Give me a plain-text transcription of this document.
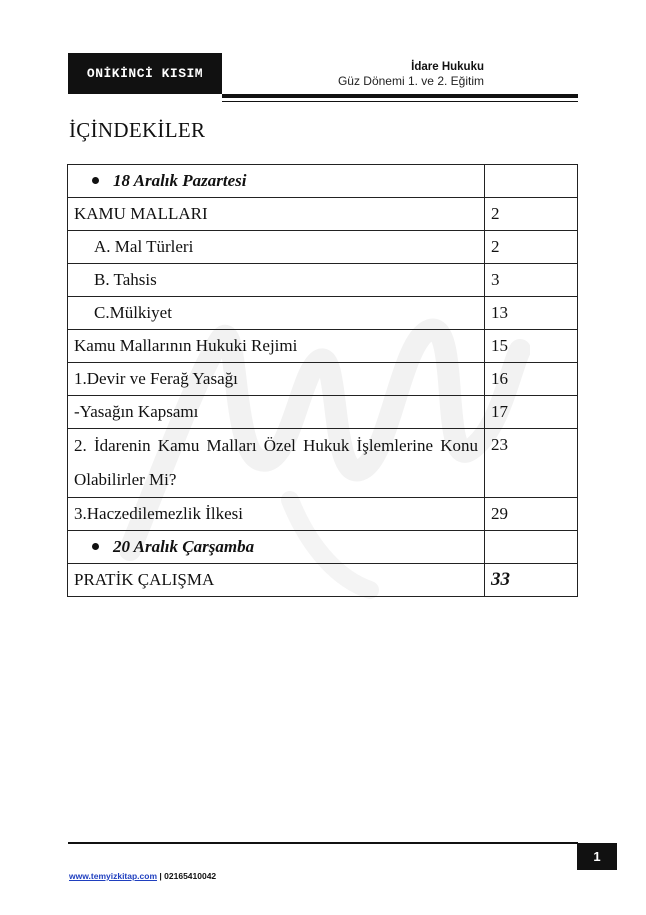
ONİKİNCİ KISIM	İdare Hukuku
Güz Dönemi 1. ve 2. Eğitim
İÇİNDEKİLER
18 Aralık Pazartesi	
KAMU MALLARI	2
A. Mal Türleri	2
B. Tahsis	3
C.Mülkiyet	13
Kamu Mallarının Hukuki Rejimi	15
1.Devir ve Ferağ Yasağı	16
-Yasağın Kapsamı	17
2. İdarenin Kamu Malları Özel Hukuk İşlemlerine Konu Olabilirler Mi?	23
3.Haczedilemezlik İlkesi	29
20 Aralık Çarşamba	
PRATİK ÇALIŞMA	33
1
www.temyizkitap.com | 02165410042
